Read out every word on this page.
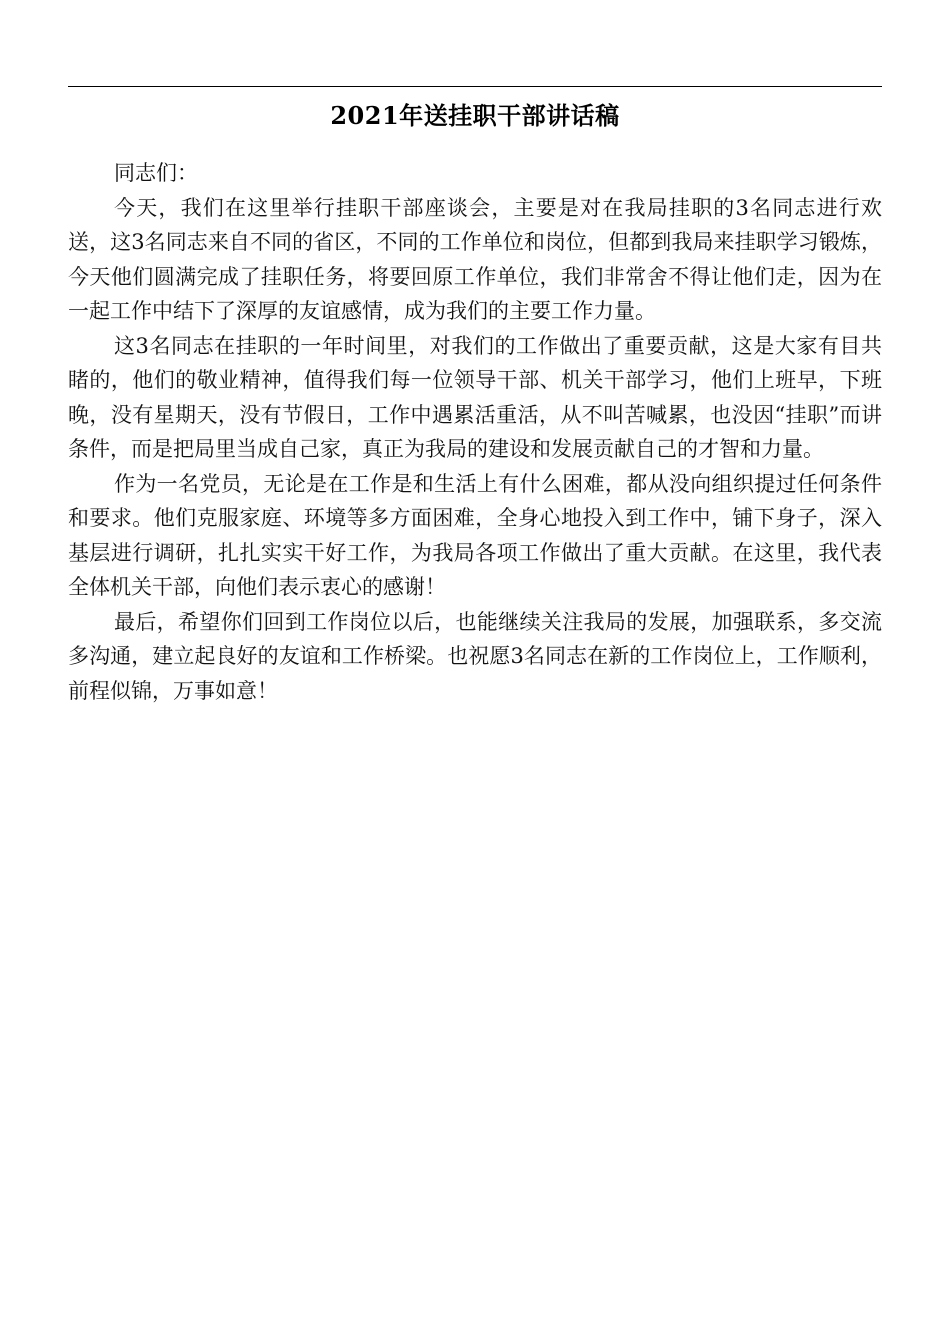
2021年送挂职干部讲话稿

同志们：

今天，我们在这里举行挂职干部座谈会，主要是对在我局挂职的3名同志进行欢送，这3名同志来自不同的省区，不同的工作单位和岗位，但都到我局来挂职学习锻炼，今天他们圆满完成了挂职任务，将要回原工作单位，我们非常舍不得让他们走，因为在一起工作中结下了深厚的友谊感情，成为我们的主要工作力量。

这3名同志在挂职的一年时间里，对我们的工作做出了重要贡献，这是大家有目共睹的，他们的敬业精神，值得我们每一位领导干部、机关干部学习，他们上班早，下班晚，没有星期天，没有节假日，工作中遇累活重活，从不叫苦喊累，也没因“挂职”而讲条件，而是把局里当成自己家，真正为我局的建设和发展贡献自己的才智和力量。

作为一名党员，无论是在工作是和生活上有什么困难，都从没向组织提过任何条件和要求。他们克服家庭、环境等多方面困难，全身心地投入到工作中，铺下身子，深入基层进行调研，扎扎实实干好工作，为我局各项工作做出了重大贡献。在这里，我代表全体机关干部，向他们表示衷心的感谢！

最后，希望你们回到工作岗位以后，也能继续关注我局的发展，加强联系，多交流多沟通，建立起良好的友谊和工作桥梁。也祝愿3名同志在新的工作岗位上，工作顺利，前程似锦，万事如意！
